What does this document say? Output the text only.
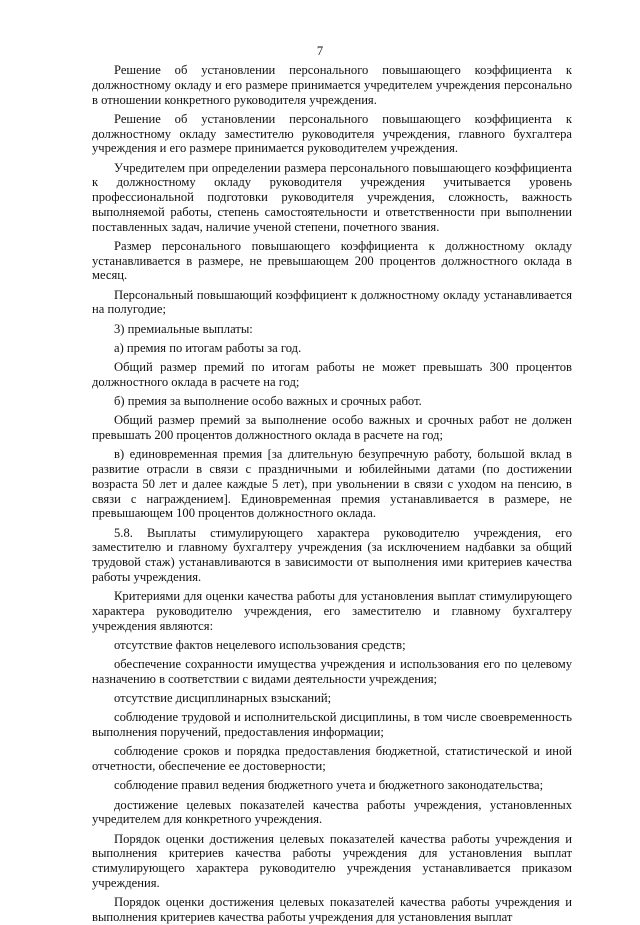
7

Решение об установлении персонального повышающего коэффициента к должностному окладу и его размере принимается учредителем учреждения персонально в отношении конкретного руководителя учреждения.

Решение об установлении персонального повышающего коэффициента к должностному окладу заместителю руководителя учреждения, главного бухгалтера учреждения и его размере принимается руководителем учреждения.

Учредителем при определении размера персонального повышающего коэффициента к должностному окладу руководителя учреждения учитывается уровень профессиональной подготовки руководителя учреждения, сложность, важность выполняемой работы, степень самостоятельности и ответственности при выполнении поставленных задач, наличие ученой степени, почетного звания.

Размер персонального повышающего коэффициента к должностному окладу устанавливается в размере, не превышающем 200 процентов должностного оклада в месяц.

Персональный повышающий коэффициент к должностному окладу устанавливается на полугодие;

3) премиальные выплаты:

а) премия по итогам работы за год.

Общий размер премий по итогам работы не может превышать 300 процентов должностного оклада в расчете на год;

б) премия за выполнение особо важных и срочных работ.

Общий размер премий за выполнение особо важных и срочных работ не должен превышать 200 процентов должностного оклада в расчете на год;

в) единовременная премия [за длительную безупречную работу, большой вклад в развитие отрасли в связи с праздничными и юбилейными датами (по достижении возраста 50 лет и далее каждые 5 лет), при увольнении в связи с уходом на пенсию, в связи с награждением]. Единовременная премия устанавливается в размере, не превышающем 100 процентов должностного оклада.

5.8. Выплаты стимулирующего характера руководителю учреждения, его заместителю и главному бухгалтеру учреждения (за исключением надбавки за общий трудовой стаж) устанавливаются в зависимости от выполнения ими критериев качества работы учреждения.

Критериями для оценки качества работы для установления выплат стимулирующего характера руководителю учреждения, его заместителю и главному бухгалтеру учреждения являются:

отсутствие фактов нецелевого использования средств;

обеспечение сохранности имущества учреждения и использования его по целевому назначению в соответствии с видами деятельности учреждения;

отсутствие дисциплинарных взысканий;

соблюдение трудовой и исполнительской дисциплины, в том числе своевременность выполнения поручений, предоставления информации;

соблюдение сроков и порядка предоставления бюджетной, статистической и иной отчетности, обеспечение ее достоверности;

соблюдение правил ведения бюджетного учета и бюджетного законодательства;

достижение целевых показателей качества работы учреждения, установленных учредителем для конкретного учреждения.

Порядок оценки достижения целевых показателей качества работы учреждения и выполнения критериев качества работы учреждения для установления выплат стимулирующего характера руководителю учреждения устанавливается приказом учреждения.

Порядок оценки достижения целевых показателей качества работы учреждения и выполнения критериев качества работы учреждения для установления выплат
